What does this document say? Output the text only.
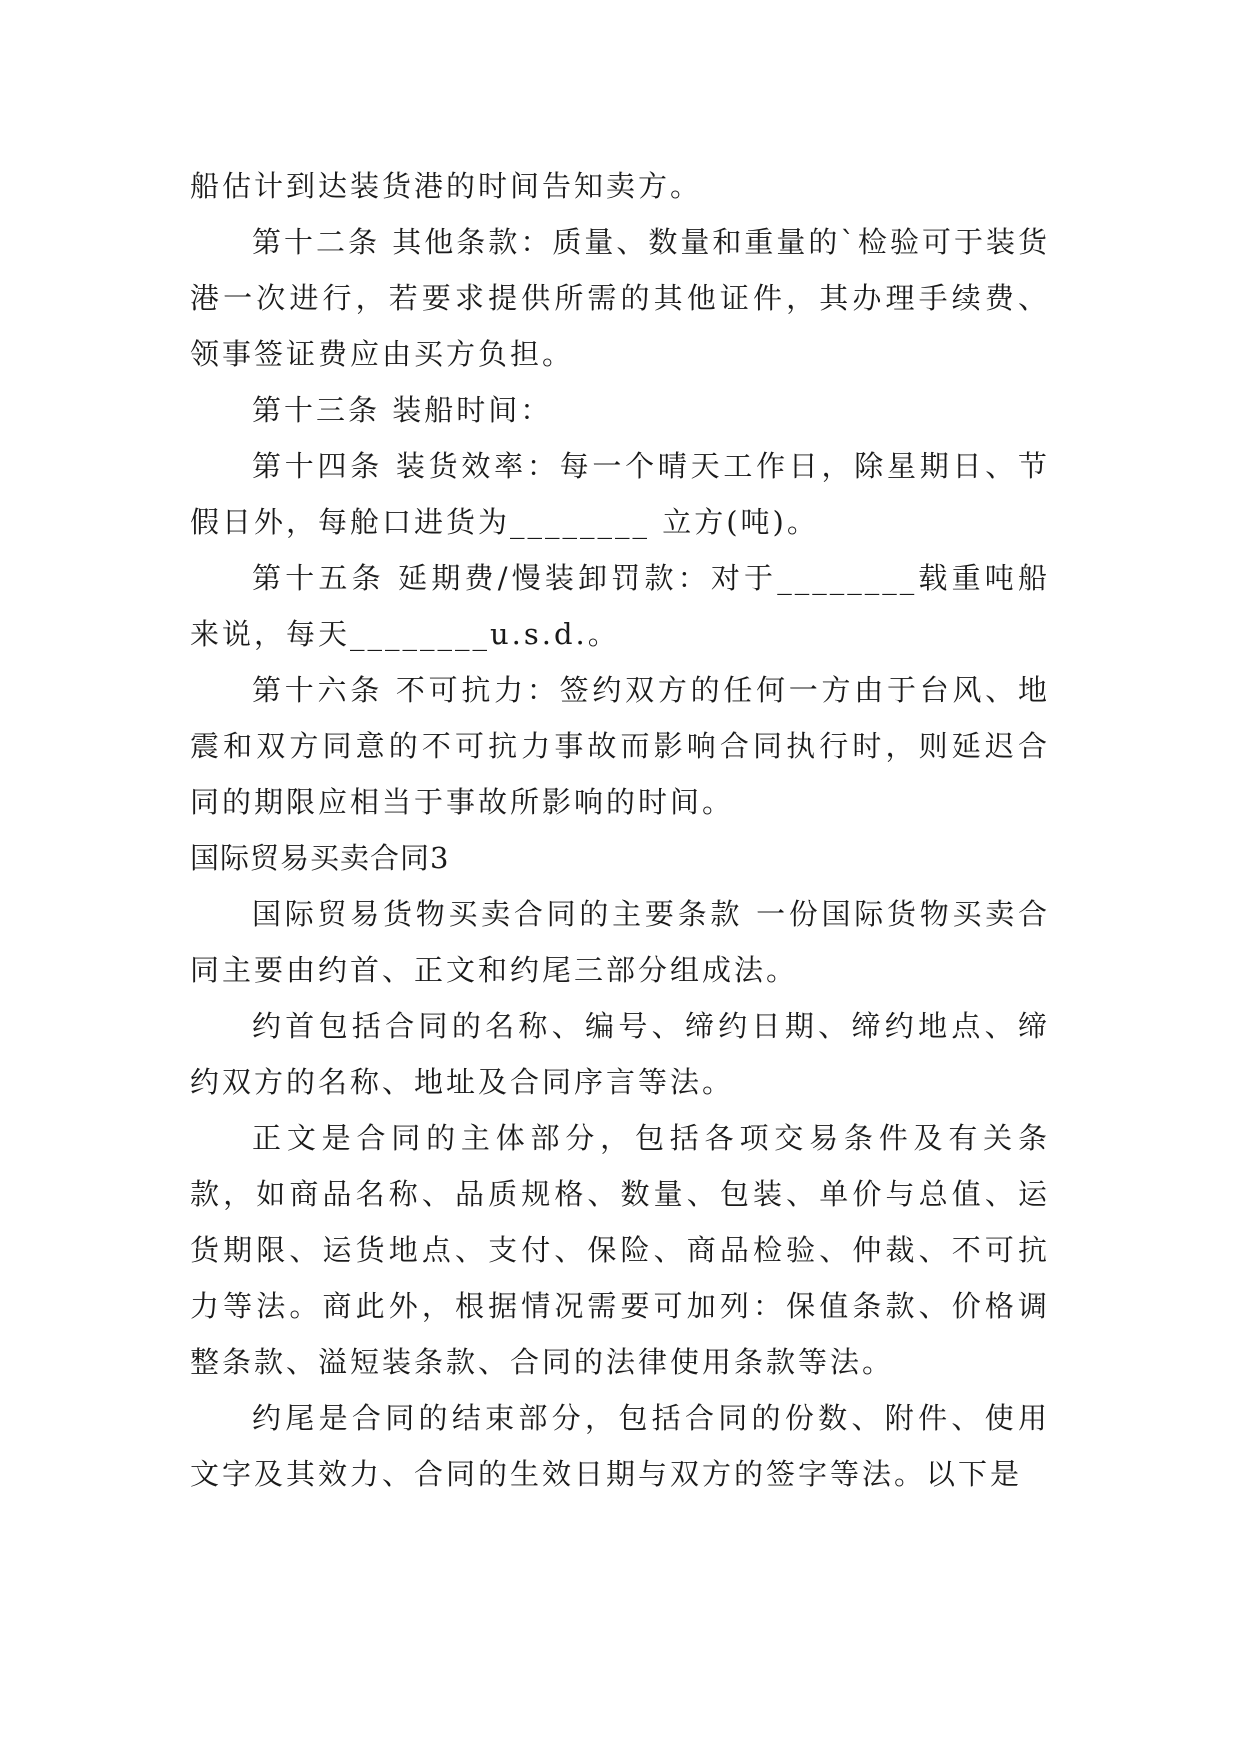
船估计到达装货港的时间告知卖方。

第十二条 其他条款：质量、数量和重量的`检验可于装货港一次进行，若要求提供所需的其他证件，其办理手续费、领事签证费应由买方负担。

第十三条 装船时间：

第十四条 装货效率：每一个晴天工作日，除星期日、节假日外，每舱口进货为________ 立方(吨)。

第十五条 延期费/慢装卸罚款：对于________载重吨船来说，每天________u.s.d.。

第十六条 不可抗力：签约双方的任何一方由于台风、地震和双方同意的不可抗力事故而影响合同执行时，则延迟合同的期限应相当于事故所影响的时间。

国际贸易买卖合同3

国际贸易货物买卖合同的主要条款 一份国际货物买卖合同主要由约首、正文和约尾三部分组成法。

约首包括合同的名称、编号、缔约日期、缔约地点、缔约双方的名称、地址及合同序言等法。

正文是合同的主体部分，包括各项交易条件及有关条款，如商品名称、品质规格、数量、包装、单价与总值、运货期限、运货地点、支付、保险、商品检验、仲裁、不可抗力等法。商此外，根据情况需要可加列：保值条款、价格调整条款、溢短装条款、合同的法律使用条款等法。

约尾是合同的结束部分，包括合同的份数、附件、使用文字及其效力、合同的生效日期与双方的签字等法。以下是
